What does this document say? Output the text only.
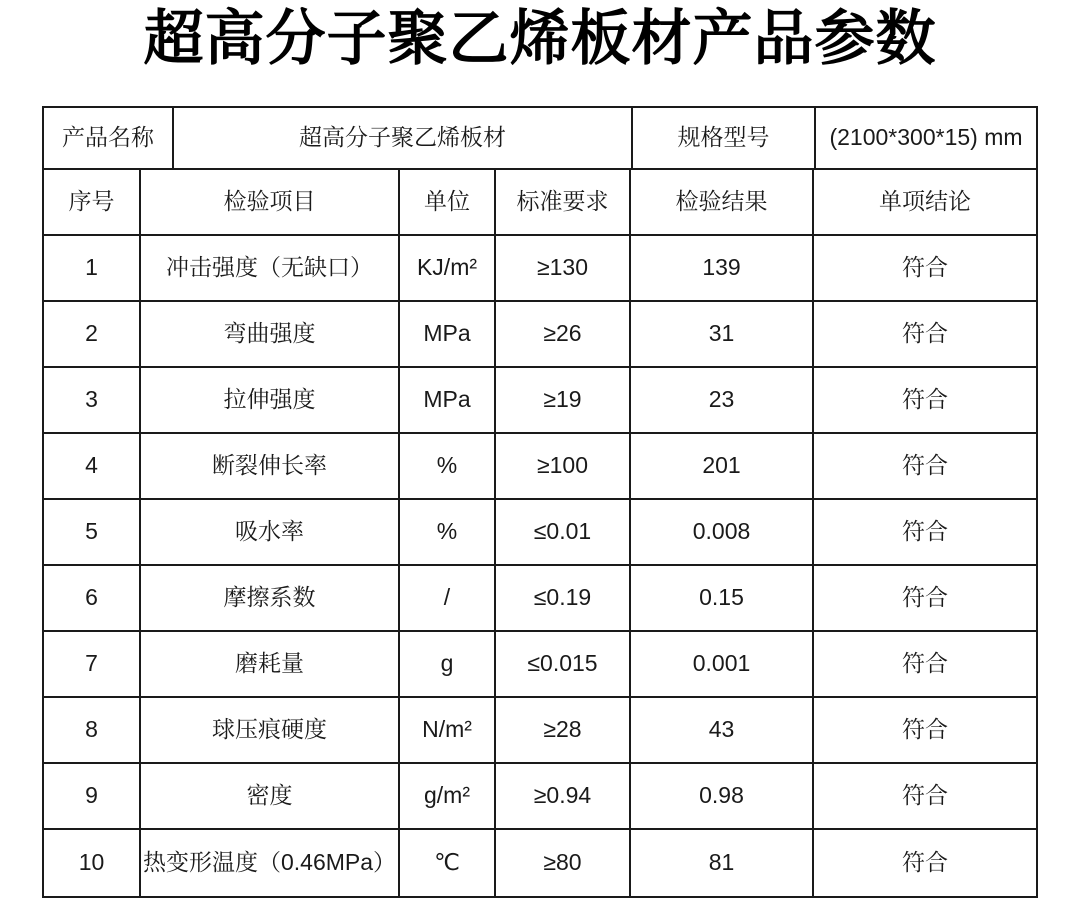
超高分子聚乙烯板材产品参数
产品名称	超高分子聚乙烯板材	规格型号	(2100*300*15) mm
序号	检验项目	单位	标准要求	检验结果	单项结论
1	冲击强度（无缺口）	KJ/m²	≥130	139	符合
2	弯曲强度	MPa	≥26	31	符合
3	拉伸强度	MPa	≥19	23	符合
4	断裂伸长率	%	≥100	201	符合
5	吸水率	%	≤0.01	0.008	符合
6	摩擦系数	/	≤0.19	0.15	符合
7	磨耗量	g	≤0.015	0.001	符合
8	球压痕硬度	N/m²	≥28	43	符合
9	密度	g/m²	≥0.94	0.98	符合
10	热变形温度（0.46MPa）	℃	≥80	81	符合
